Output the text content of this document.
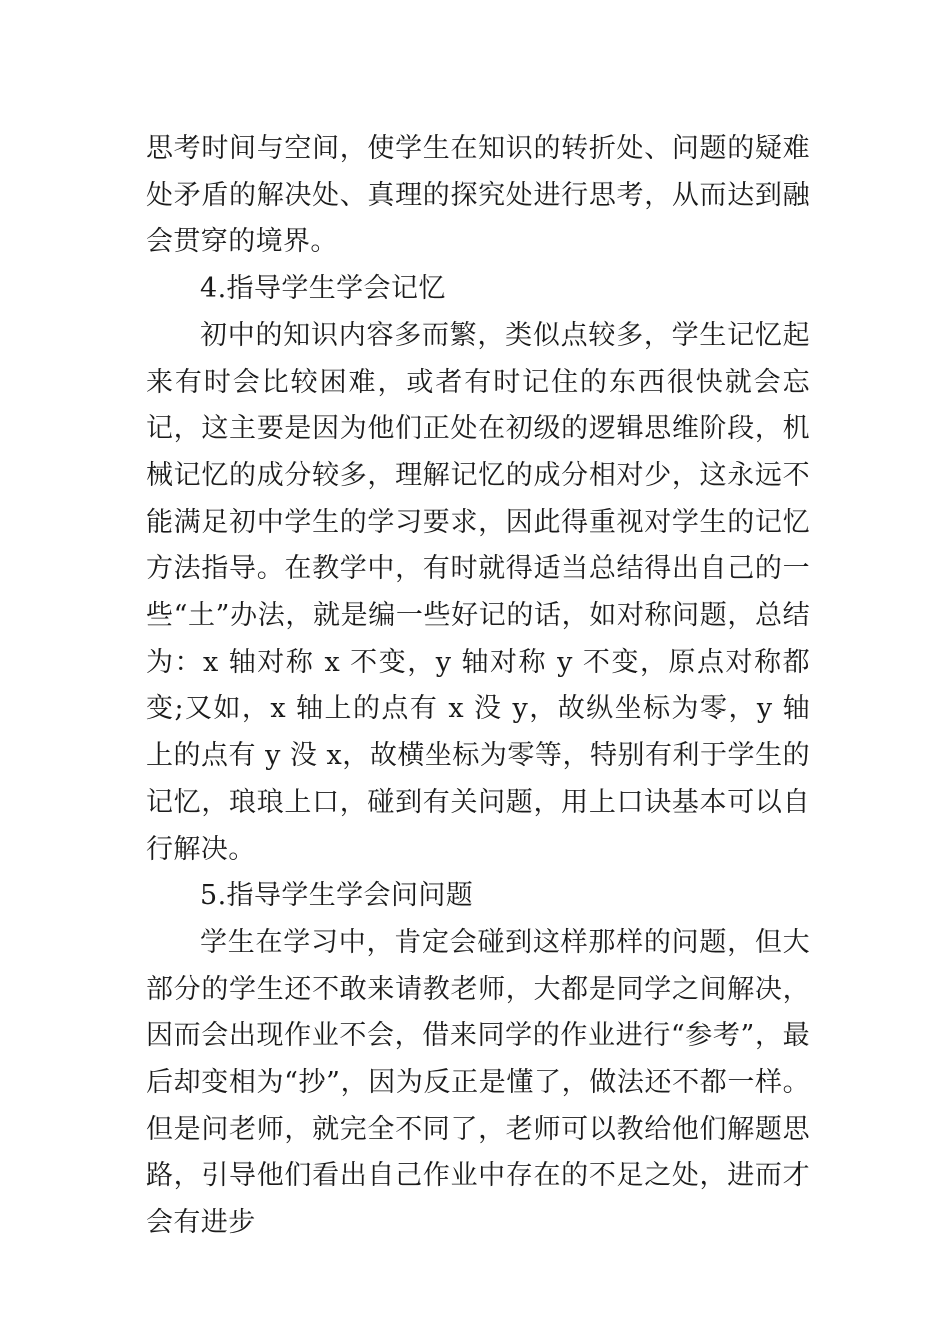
思考时间与空间，使学生在知识的转折处、问题的疑难处矛盾的解决处、真理的探究处进行思考，从而达到融会贯穿的境界。

4.指导学生学会记忆

初中的知识内容多而繁，类似点较多，学生记忆起来有时会比较困难，或者有时记住的东西很快就会忘记，这主要是因为他们正处在初级的逻辑思维阶段，机械记忆的成分较多，理解记忆的成分相对少，这永远不能满足初中学生的学习要求，因此得重视对学生的记忆方法指导。在教学中，有时就得适当总结得出自己的一些“土”办法，就是编一些好记的话，如对称问题，总结为：x 轴对称 x 不变，y 轴对称 y 不变，原点对称都变;又如，x 轴上的点有 x 没 y，故纵坐标为零，y 轴上的点有 y 没 x，故横坐标为零等，特别有利于学生的记忆，琅琅上口，碰到有关问题，用上口诀基本可以自行解决。

5.指导学生学会问问题

学生在学习中，肯定会碰到这样那样的问题，但大部分的学生还不敢来请教老师，大都是同学之间解决，因而会出现作业不会，借来同学的作业进行“参考”，最后却变相为“抄”，因为反正是懂了，做法还不都一样。但是问老师，就完全不同了，老师可以教给他们解题思路，引导他们看出自己作业中存在的不足之处，进而才会有进步
